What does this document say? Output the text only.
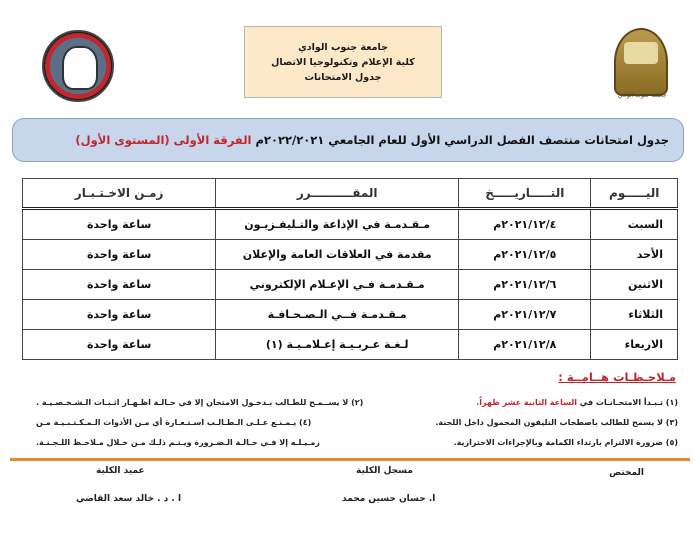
جامعة جنوب الوادي
جامعة جنوب الوادي
كلية الإعلام وتكنولوجيا الاتصال
جدول الامتحانات
جدول امتحانات منتصف الفصل الدراسي الأول للعام الجامعي ٢٠٢٢/٢٠٢١م

الفرقة الأولى (المستوى الأول)
اليـــــوم	التـــــاريـــــخ	المقــــــــــرر	زمـن الاخـتـبـار
السبت	٢٠٢١/١٢/٤م	مـقـدمـة في الإذاعة والتـليفـزيـون	ساعة واحدة
الأحد	٢٠٢١/١٢/٥م	مقدمة في العلاقات العامة والإعلان	ساعة واحدة
الاثنين	٢٠٢١/١٢/٦م	مـقـدمـة فـي الإعـلام الإلكتروني	ساعة واحدة
الثلاثاء	٢٠٢١/١٢/٧م	مـقـدمـة فــي الـصـحـافـة	ساعة واحدة
الاربعاء	٢٠٢١/١٢/٨م	لـغـة عـربـيـة إعـلامـيـة (١)	ساعة واحدة
مـلاحـظـات هــامــة :
(١) تـبـدأ الامتحـانـات في الساعة الثانية عشر ظهراً.
(٢) لا يســمـح للطـالب بـدخـول الامتحان إلا في حـالـة اظـهـار اثـبـات الـشـخـصـيـة .
(٣) لا يسمح للطالب باصطحاب التليفون المحمول داخل اللجنة.
(٤) يـمـنـع عـلـى الـطـالـب اسـتـعـارة أي مـن الأدوات الـمـكـتـبـيـة مـن
(٥) ضرورة الالتزام بارتداء الكمامة وبالإجراءات الاحترازية.
زمـيـلـه إلا فـي حـالـة الـضـرورة ويـتـم ذلـك مـن خـلال مـلاحـظ اللـجـنـة.
المختص
مسجل الكلية
ا. حسان حسين محمد
عميد الكلية
ا . د . خالد سعد القاضي
